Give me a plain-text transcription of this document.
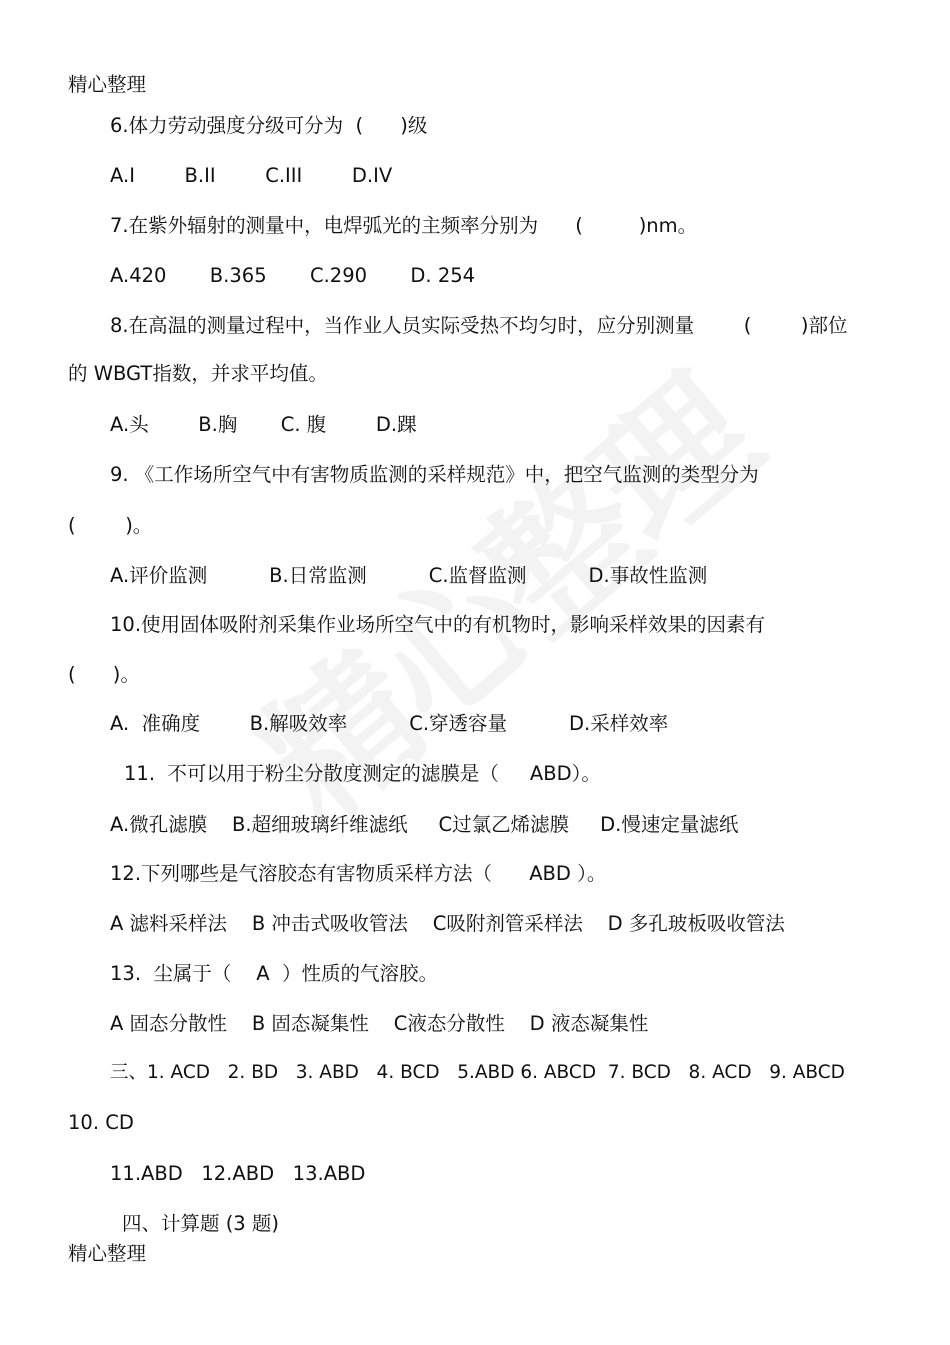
精心整理
6.体力劳动强度分级可分为  (      )级
A.Ⅰ        B.II        C.III        D.IV
7.在紫外辐射的测量中，电焊弧光的主频率分别为      (         )nm。
A.420       B.365       C.290       D. 254
8.在高温的测量过程中，当作业人员实际受热不均匀时，应分别测量        (        )部位
的 WBGT指数，并求平均值。
A.头        B.胸       C. 腹        D.踝
9. 《工作场所空气中有害物质监测的采样规范》中，把空气监测的类型分为
(        )。
A.评价监测          B.日常监测          C.监督监测          D.事故性监测
10.使用固体吸附剂采集作业场所空气中的有机物时，影响采样效果的因素有
(      )。
A.  准确度        B.解吸效率          C.穿透容量          D.采样效率
11.  不可以用于粉尘分散度测定的滤膜是（     ABD）。
A.微孔滤膜    B.超细玻璃纤维滤纸     C过氯乙烯滤膜     D.慢速定量滤纸
12.下列哪些是气溶胶态有害物质采样方法（      ABD ）。
A 滤料采样法    B 冲击式吸收管法    C吸附剂管采样法    D 多孔玻板吸收管法
13.  尘属于（    A  ）性质的气溶胶。
A 固态分散性    B 固态凝集性    C液态分散性    D 液态凝集性
三、1. ACD   2. BD   3. ABD   4. BCD   5.ABD 6. ABCD  7. BCD   8. ACD   9. ABCD
10. CD
11.ABD   12.ABD   13.ABD
四、计算题 (3 题)
精心整理
